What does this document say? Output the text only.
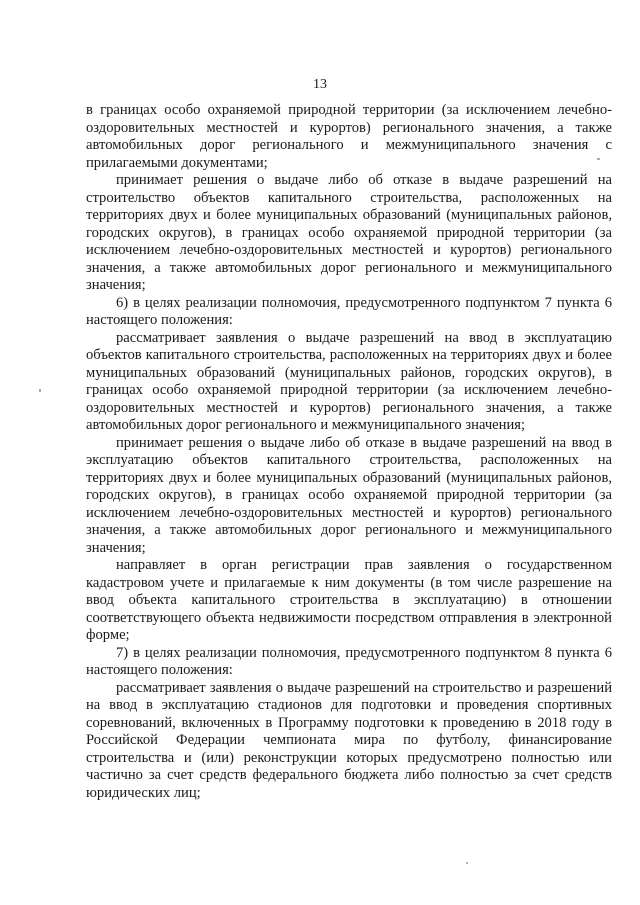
13

в границах особо охраняемой природной территории (за исключением лечебно-оздоровительных местностей и курортов) регионального значения, а также автомобильных дорог регионального и межмуниципального значения с прилагаемыми документами;

принимает решения о выдаче либо об отказе в выдаче разрешений на строительство объектов капитального строительства, расположенных на территориях двух и более муниципальных образований (муниципальных районов, городских округов), в границах особо охраняемой природной территории (за исключением лечебно-оздоровительных местностей и курортов) регионального значения, а также автомобильных дорог регионального и межмуниципального значения;

6) в целях реализации полномочия, предусмотренного подпунктом 7 пункта 6 настоящего положения:

рассматривает заявления о выдаче разрешений на ввод в эксплуатацию объектов капитального строительства, расположенных на территориях двух и более муниципальных образований (муниципальных районов, городских округов), в границах особо охраняемой природной территории (за исключением лечебно-оздоровительных местностей и курортов) регионального значения, а также автомобильных дорог регионального и межмуниципального значения;

принимает решения о выдаче либо об отказе в выдаче разрешений на ввод в эксплуатацию объектов капитального строительства, расположенных на территориях двух и более муниципальных образований (муниципальных районов, городских округов), в границах особо охраняемой природной территории (за исключением лечебно-оздоровительных местностей и курортов) регионального значения, а также автомобильных дорог регионального и межмуниципального значения;

направляет в орган регистрации прав заявления о государственном кадастровом учете и прилагаемые к ним документы (в том числе разрешение на ввод объекта капитального строительства в эксплуатацию) в отношении соответствующего объекта недвижимости посредством отправления в электронной форме;

7) в целях реализации полномочия, предусмотренного подпунктом 8 пункта 6 настоящего положения:

рассматривает заявления о выдаче разрешений на строительство и разрешений на ввод в эксплуатацию стадионов для подготовки и проведения спортивных соревнований, включенных в Программу подготовки к проведению в 2018 году в Российской Федерации чемпионата мира по футболу, финансирование строительства и (или) реконструкции которых предусмотрено полностью или частично за счет средств федерального бюджета либо полностью за счет средств юридических лиц;
